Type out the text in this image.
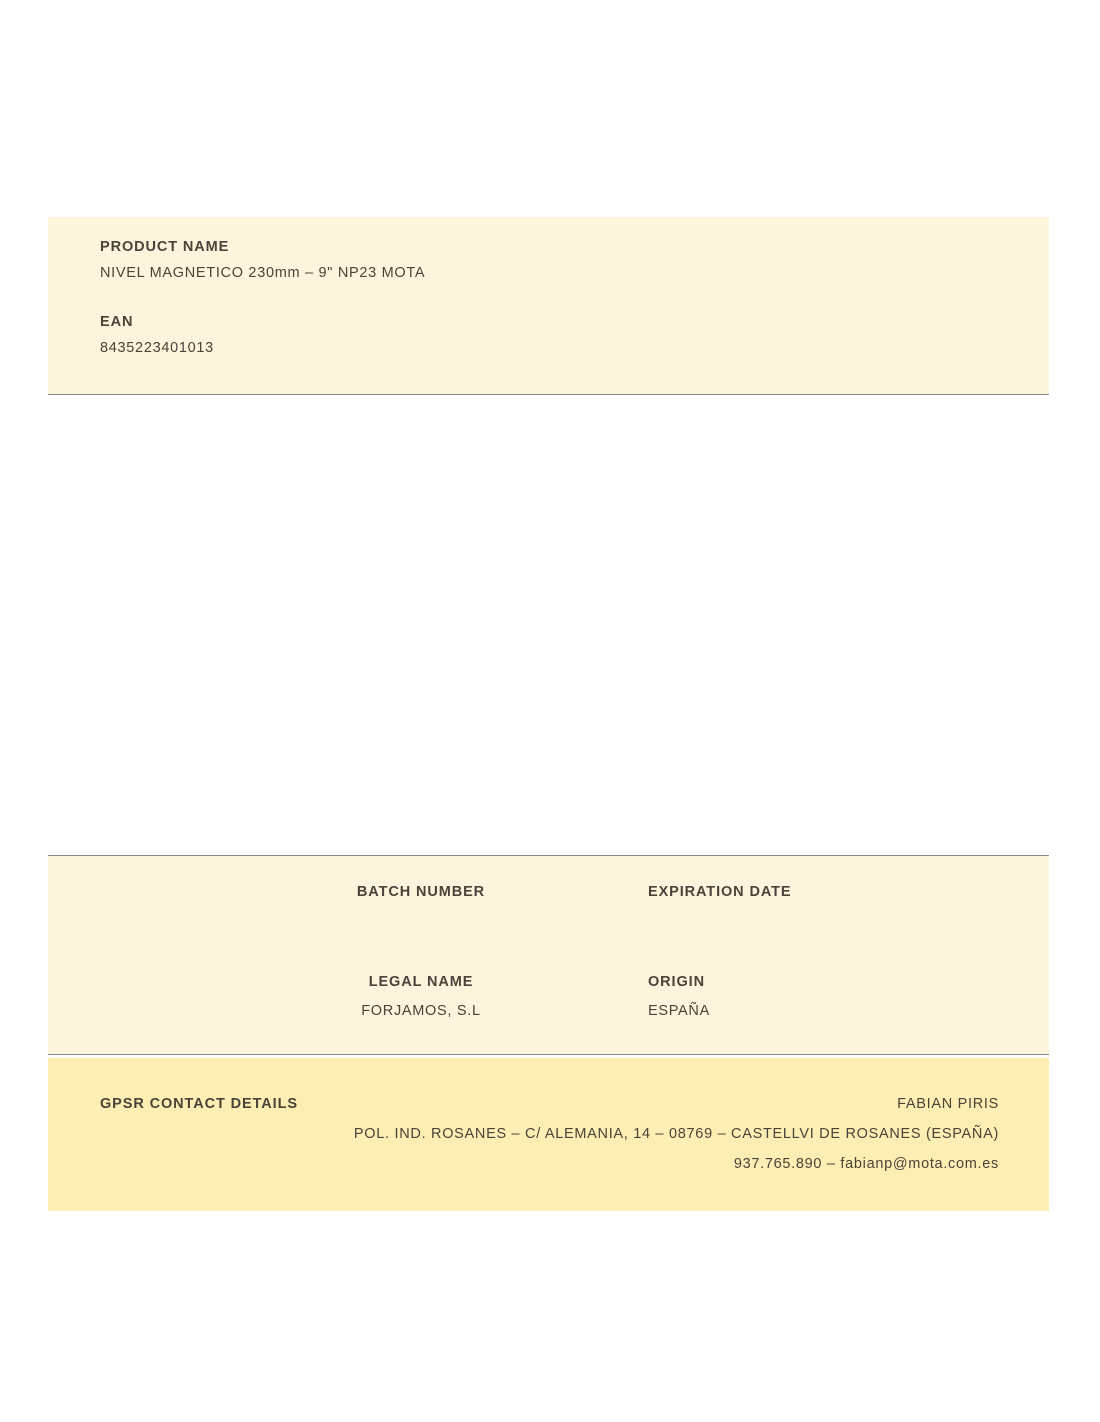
PRODUCT NAME
NIVEL MAGNETICO 230mm – 9" NP23 MOTA
EAN
8435223401013
BATCH NUMBER	EXPIRATION DATE
LEGAL NAME
FORJAMOS, S.L
ORIGIN
ESPAÑA
GPSR CONTACT DETAILS	FABIAN PIRIS
POL. IND. ROSANES – C/ ALEMANIA, 14 – 08769 – CASTELLVI DE ROSANES (ESPAÑA)
937.765.890 – fabianp@mota.com.es
